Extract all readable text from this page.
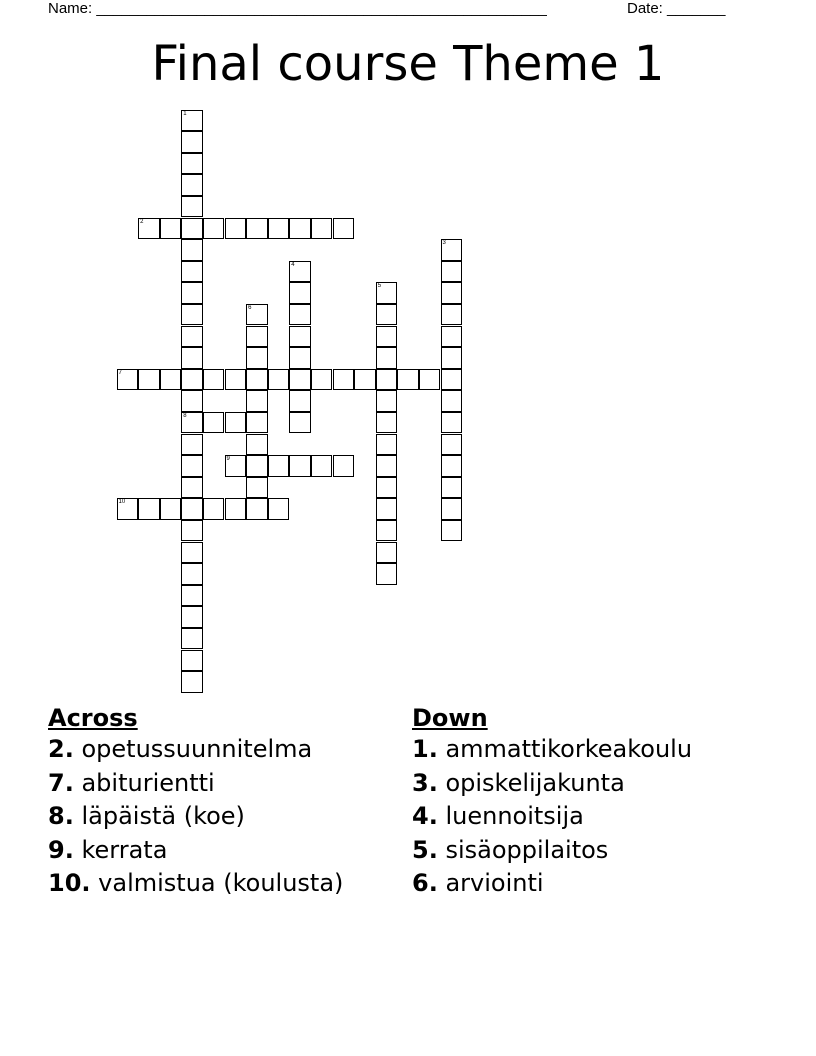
Name: ______________________________________________________	Date: _______
Final course Theme 1
1
8
2
3
4
5
6
7
9
10
Across
2. opetussuunnitelma
7. abiturientti
8. läpäistä (koe)
9. kerrata
10. valmistua (koulusta)
Down
1. ammattikorkeakoulu
3. opiskelijakunta
4. luennoitsija
5. sisäoppilaitos
6. arviointi
